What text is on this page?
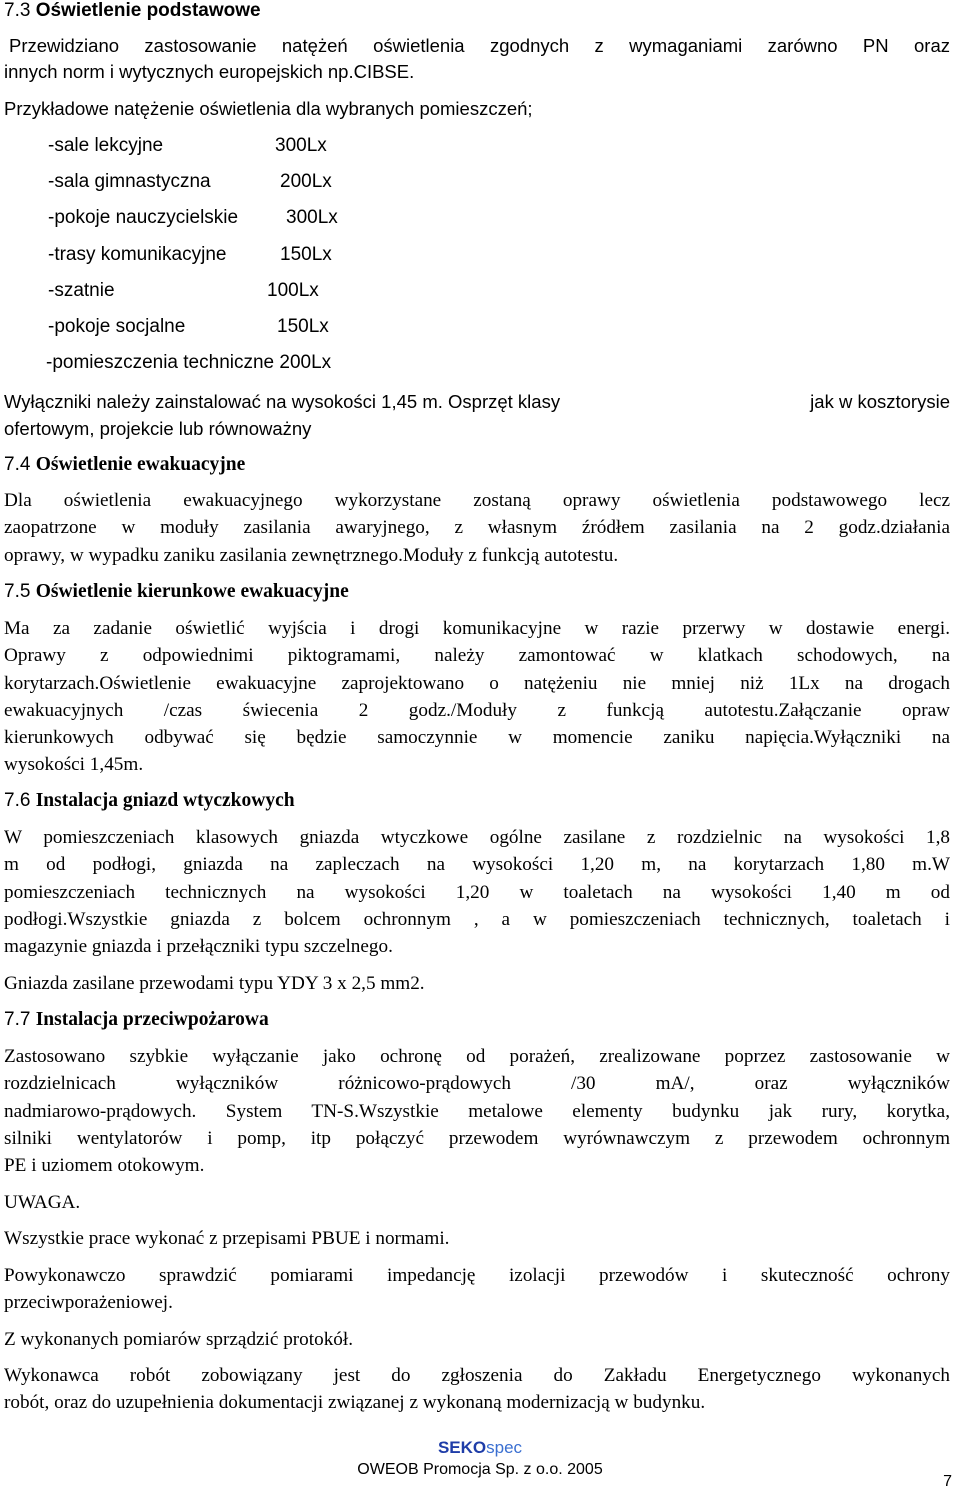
7.3 Oświetlenie podstawowe
Przewidziano zastosowanie natężeń oświetlenia zgodnych z wymaganiami zarówno PN oraz
innych norm i wytycznych europejskich np.CIBSE.
Przykładowe natężenie oświetlenia dla wybranych pomieszczeń;
-sale lekcyjne	300Lx
-sala gimnastyczna	200Lx
-pokoje nauczycielskie	300Lx
-trasy komunikacyjne	150Lx
-szatnie	100Lx
-pokoje socjalne	150Lx
-pomieszczenia techniczne 200Lx
Wyłączniki należy zainstalować na wysokości 1,45 m. Osprzęt klasy	jak w kosztorysie
ofertowym, projekcie lub równoważny
7.4 Oświetlenie ewakuacyjne
Dla oświetlenia ewakuacyjnego wykorzystane zostaną oprawy oświetlenia podstawowego lecz
zaopatrzone w moduły zasilania awaryjnego, z własnym źródłem zasilania na 2 godz.działania
oprawy, w wypadku zaniku zasilania zewnętrznego.Moduły z funkcją autotestu.
7.5 Oświetlenie kierunkowe ewakuacyjne
Ma za zadanie oświetlić wyjścia i drogi komunikacyjne w razie przerwy w dostawie energi.
Oprawy z odpowiednimi piktogramami, należy zamontować w klatkach schodowych, na
korytarzach.Oświetlenie ewakuacyjne zaprojektowano o natężeniu nie mniej niż 1Lx na drogach
ewakuacyjnych /czas świecenia 2 godz./Moduły z funkcją autotestu.Załączanie opraw
kierunkowych odbywać się będzie samoczynnie w momencie zaniku napięcia.Wyłączniki na
wysokości 1,45m.
7.6 Instalacja gniazd wtyczkowych
W pomieszczeniach klasowych gniazda wtyczkowe ogólne zasilane z rozdzielnic na wysokości 1,8
m od podłogi, gniazda na zapleczach na wysokości 1,20 m, na korytarzach 1,80 m.W
pomieszczeniach technicznych na wysokości 1,20 w toaletach na wysokości 1,40 m od
podłogi.Wszystkie gniazda z bolcem ochronnym , a w pomieszczeniach technicznych, toaletach i
magazynie gniazda i przełączniki typu szczelnego.
Gniazda zasilane przewodami typu YDY 3 x 2,5 mm2.
7.7 Instalacja przeciwpożarowa
Zastosowano szybkie wyłączanie jako ochronę od porażeń, zrealizowane poprzez zastosowanie w
rozdzielnicach wyłączników różnicowo-prądowych /30 mA/, oraz wyłączników
nadmiarowo-prądowych. System TN-S.Wszystkie metalowe elementy budynku jak rury, korytka,
silniki wentylatorów i pomp, itp połączyć przewodem wyrównawczym z przewodem ochronnym
PE i uziomem otokowym.
UWAGA.
Wszystkie prace wykonać z przepisami PBUE i normami.
Powykonawczo sprawdzić pomiarami impedancję izolacji przewodów i skuteczność ochrony
przeciwporażeniowej.
Z wykonanych pomiarów sprządzić protokół.
Wykonawca robót zobowiązany jest do zgłoszenia do Zakładu Energetycznego wykonanych
robót, oraz do uzupełnienia dokumentacji związanej z wykonaną modernizacją w budynku.
SEKOspec
OWEOB Promocja Sp. z o.o. 2005
7
